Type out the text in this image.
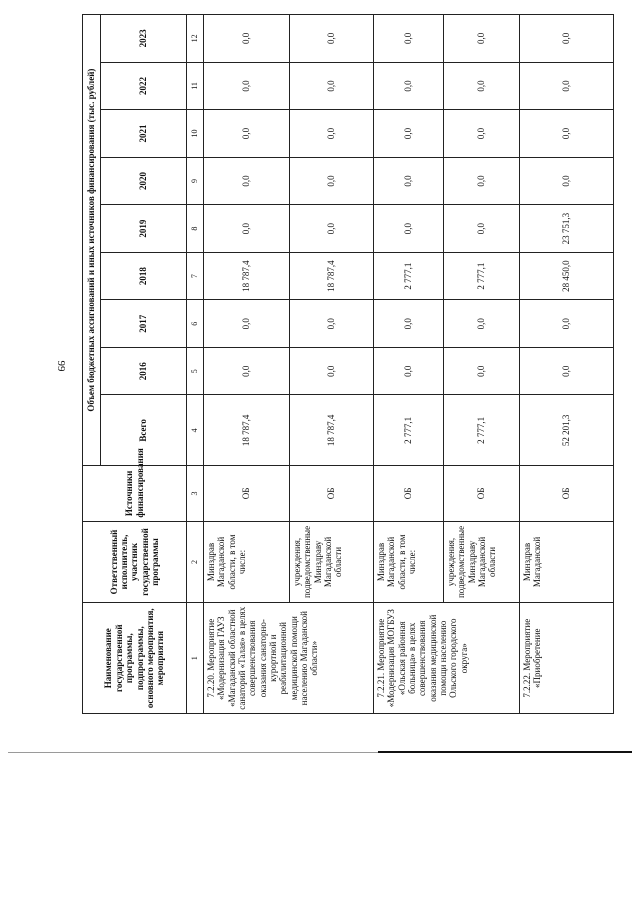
99
Наименование государственной программы, подпрограммы, основного мероприятия, мероприятия	Ответственный исполнитель, участник государственной программы	Источники финансирования	Объем бюджетных ассигнований и иных источников финансирования (тыс. рублей)								
			Всего	2016	2017	2018	2019	2020	2021	2022	2023
1	2	3	4	5	6	7	8	9	10	11	12
7.2.20. Мероприятие «Модернизация ГАУЗ «Магаданский областной санаторий «Талая» в целях совершенствования оказания санаторно-курортной и реабилитационной медицинской помощи населению Магаданской области»	Минздрав Магаданской области, в том числе:	ОБ	18 787,4	0,0	0,0	18 787,4	0,0	0,0	0,0	0,0	0,0
	учреждения, подведомственные Минздраву Магаданской области	ОБ	18 787,4	0,0	0,0	18 787,4	0,0	0,0	0,0	0,0	0,0
7.2.21. Мероприятие «Модернизация МОГБУЗ «Ольская районная больница» в целях совершенствования оказания медицинской помощи населению Ольского городского округа»	Минздрав Магаданской области, в том числе:	ОБ	2 777,1	0,0	0,0	2 777,1	0,0	0,0	0,0	0,0	0,0
	учреждения, подведомственные Минздраву Магаданской области	ОБ	2 777,1	0,0	0,0	2 777,1	0,0	0,0	0,0	0,0	0,0
7.2.22. Мероприятие «Приобретение	Минздрав Магаданской	ОБ	52 201,3	0,0	0,0	28 450,0	23 751,3	0,0	0,0	0,0	0,0
